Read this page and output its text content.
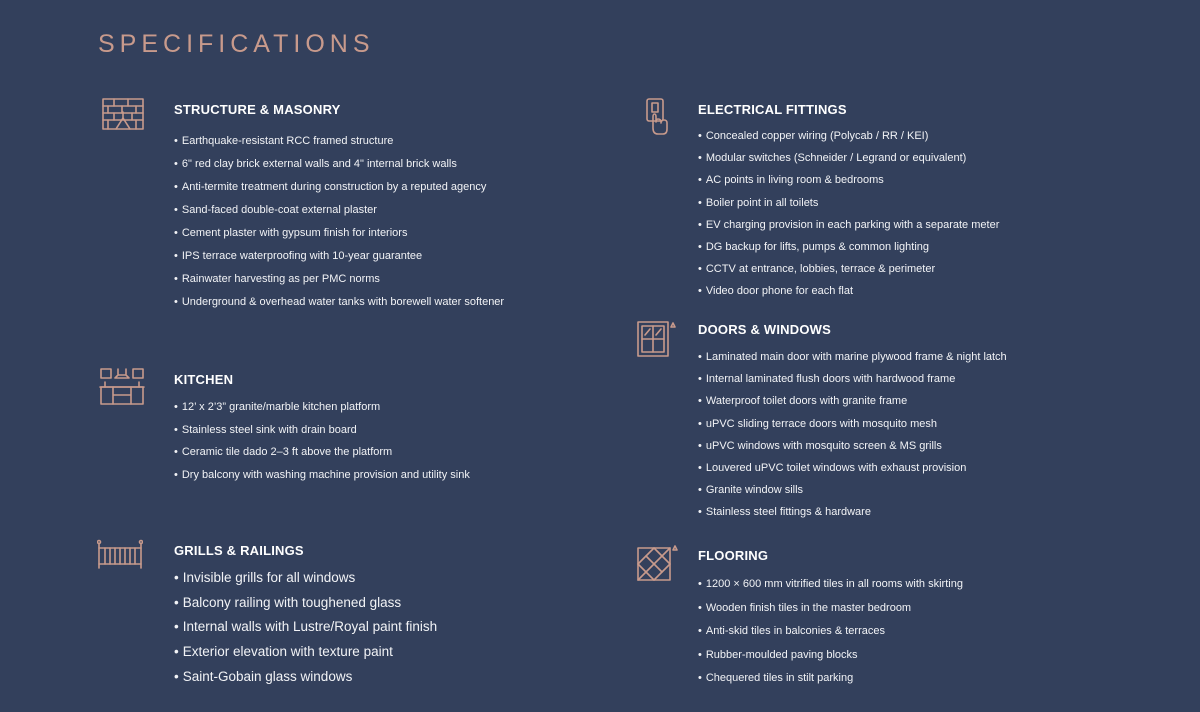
SPECIFICATIONS
STRUCTURE & MASONRY
• Earthquake-resistant RCC framed structure
• 6" red clay brick external walls and 4" internal brick walls
• Anti-termite treatment during construction by a reputed agency
• Sand-faced double-coat external plaster
• Cement plaster with gypsum finish for interiors
• IPS terrace waterproofing with 10-year guarantee
• Rainwater harvesting as per PMC norms
• Underground & overhead water tanks with borewell water softener
KITCHEN
• 12’ x 2’3” granite/marble kitchen platform
• Stainless steel sink with drain board
• Ceramic tile dado 2–3 ft above the platform
• Dry balcony with washing machine provision and utility sink
GRILLS & RAILINGS
• Invisible grills for all windows
• Balcony railing with toughened glass
• Internal walls with Lustre/Royal paint finish
• Exterior elevation with texture paint
• Saint-Gobain glass windows
ELECTRICAL FITTINGS
• Concealed copper wiring (Polycab / RR / KEI)
• Modular switches (Schneider / Legrand or equivalent)
• AC points in living room & bedrooms
• Boiler point in all toilets
• EV charging provision in each parking with a separate meter
• DG backup for lifts, pumps & common lighting
• CCTV at entrance, lobbies, terrace & perimeter
• Video door phone for each flat
DOORS & WINDOWS
• Laminated main door with marine plywood frame & night latch
• Internal laminated flush doors with hardwood frame
• Waterproof toilet doors with granite frame
• uPVC sliding terrace doors with mosquito mesh
• uPVC windows with mosquito screen & MS grills
• Louvered uPVC toilet windows with exhaust provision
• Granite window sills
• Stainless steel fittings & hardware
FLOORING
• 1200 × 600 mm vitrified tiles in all rooms with skirting
• Wooden finish tiles in the master bedroom
• Anti-skid tiles in balconies & terraces
• Rubber-moulded paving blocks
• Chequered tiles in stilt parking
